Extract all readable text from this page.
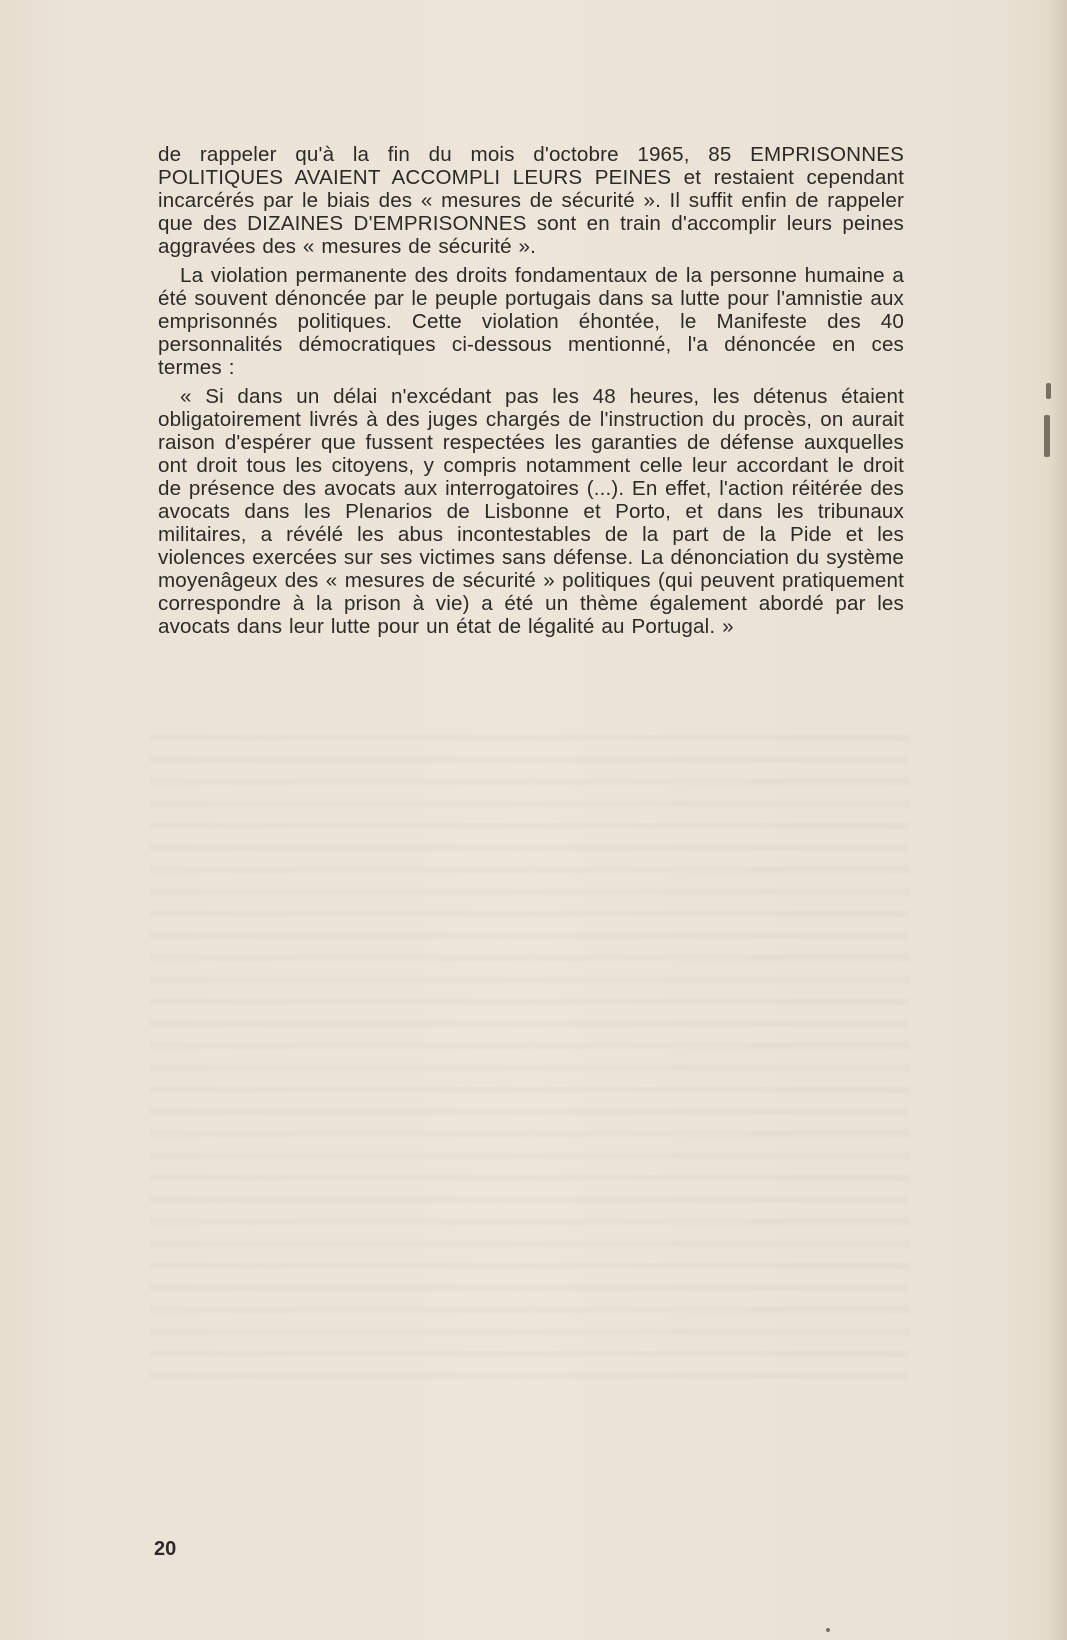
de rappeler qu'à la fin du mois d'octobre 1965, 85 EMPRISONNES POLITIQUES AVAIENT ACCOMPLI LEURS PEINES et restaient cependant incarcérés par le biais des « mesures de sécurité ». Il suffit enfin de rappeler que des DIZAINES D'EMPRISONNES sont en train d'accomplir leurs peines aggravées des « mesures de sécurité ».

La violation permanente des droits fondamentaux de la personne humaine a été souvent dénoncée par le peuple portugais dans sa lutte pour l'amnistie aux emprisonnés politiques. Cette violation éhontée, le Manifeste des 40 personnalités démocratiques ci-dessous mentionné, l'a dénoncée en ces termes :

« Si dans un délai n'excédant pas les 48 heures, les détenus étaient obligatoirement livrés à des juges chargés de l'instruction du procès, on aurait raison d'espérer que fussent respectées les garanties de défense auxquelles ont droit tous les citoyens, y compris notamment celle leur accordant le droit de présence des avocats aux interrogatoires (...). En effet, l'action réitérée des avocats dans les Plenarios de Lisbonne et Porto, et dans les tribunaux militaires, a révélé les abus incontestables de la part de la Pide et les violences exercées sur ses victimes sans défense. La dénonciation du système moyenâgeux des « mesures de sécurité » politiques (qui peuvent pratiquement correspondre à la prison à vie) a été un thème également abordé par les avocats dans leur lutte pour un état de légalité au Portugal. »

20
